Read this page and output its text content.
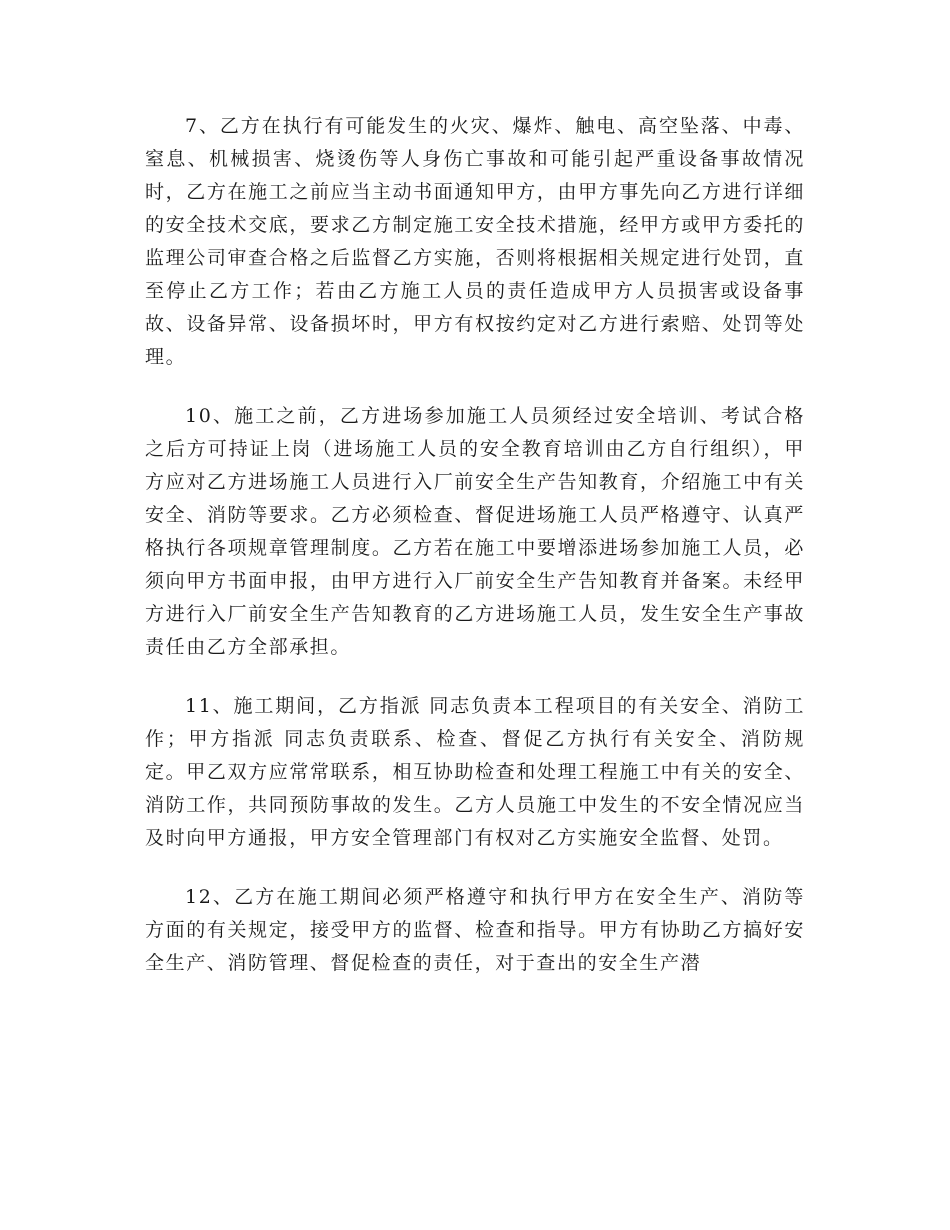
7、乙方在执行有可能发生的火灾、爆炸、触电、高空坠落、中毒、窒息、机械损害、烧烫伤等人身伤亡事故和可能引起严重设备事故情况时，乙方在施工之前应当主动书面通知甲方，由甲方事先向乙方进行详细的安全技术交底，要求乙方制定施工安全技术措施，经甲方或甲方委托的监理公司审查合格之后监督乙方实施，否则将根据相关规定进行处罚，直至停止乙方工作；若由乙方施工人员的责任造成甲方人员损害或设备事故、设备异常、设备损坏时，甲方有权按约定对乙方进行索赔、处罚等处理。

10、施工之前，乙方进场参加施工人员须经过安全培训、考试合格之后方可持证上岗（进场施工人员的安全教育培训由乙方自行组织），甲方应对乙方进场施工人员进行入厂前安全生产告知教育，介绍施工中有关安全、消防等要求。乙方必须检查、督促进场施工人员严格遵守、认真严格执行各项规章管理制度。乙方若在施工中要增添进场参加施工人员，必须向甲方书面申报，由甲方进行入厂前安全生产告知教育并备案。未经甲方进行入厂前安全生产告知教育的乙方进场施工人员，发生安全生产事故责任由乙方全部承担。

11、施工期间，乙方指派 同志负责本工程项目的有关安全、消防工作；甲方指派 同志负责联系、检查、督促乙方执行有关安全、消防规定。甲乙双方应常常联系，相互协助检查和处理工程施工中有关的安全、消防工作，共同预防事故的发生。乙方人员施工中发生的不安全情况应当及时向甲方通报，甲方安全管理部门有权对乙方实施安全监督、处罚。

12、乙方在施工期间必须严格遵守和执行甲方在安全生产、消防等方面的有关规定，接受甲方的监督、检查和指导。甲方有协助乙方搞好安全生产、消防管理、督促检查的责任，对于查出的安全生产潜
